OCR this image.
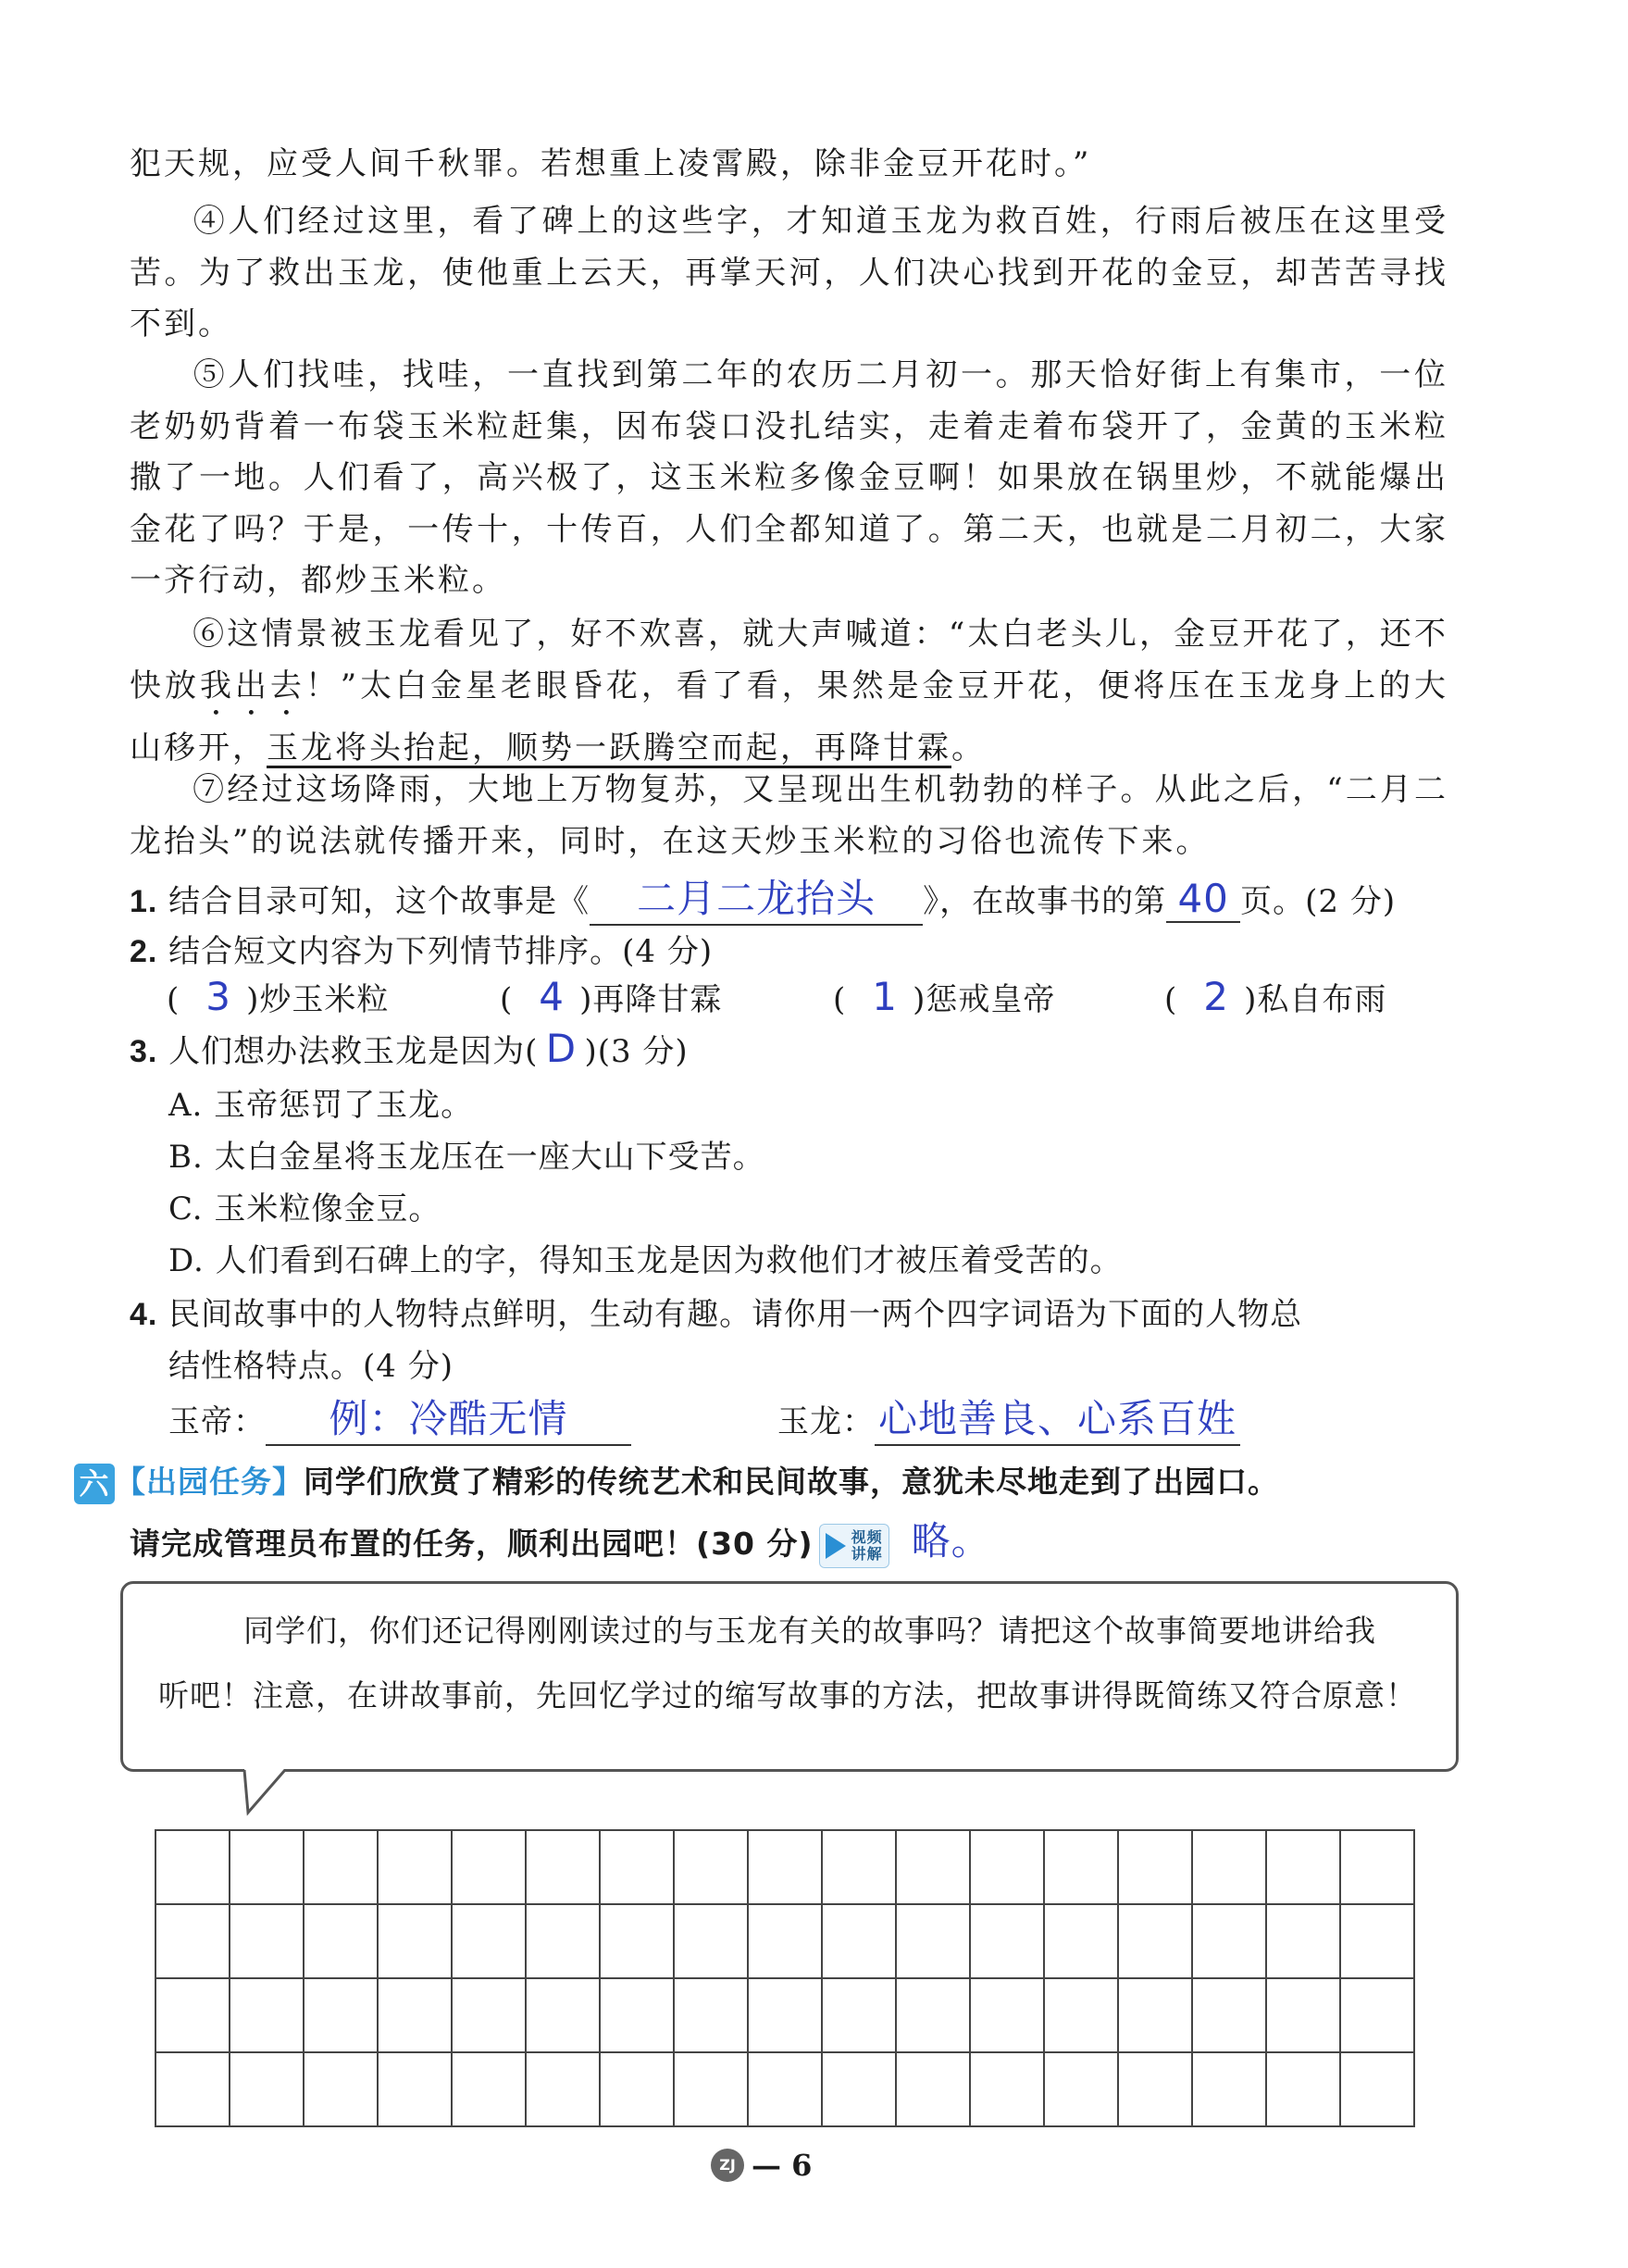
犯天规，应受人间千秋罪。若想重上凌霄殿，除非金豆开花时。”
④人们经过这里，看了碑上的这些字，才知道玉龙为救百姓，行雨后被压在这里受苦。为了救出玉龙，使他重上云天，再掌天河，人们决心找到开花的金豆，却苦苦寻找不到。
⑤人们找哇，找哇，一直找到第二年的农历二月初一。那天恰好街上有集市，一位老奶奶背着一布袋玉米粒赶集，因布袋口没扎结实，走着走着布袋开了，金黄的玉米粒撒了一地。人们看了，高兴极了，这玉米粒多像金豆啊！如果放在锅里炒，不就能爆出金花了吗？于是，一传十，十传百，人们全都知道了。第二天，也就是二月初二，大家一齐行动，都炒玉米粒。
⑥这情景被玉龙看见了，好不欢喜，就大声喊道：“太白老头儿，金豆开花了，还不快放我出去！”太白金星老眼昏花，看了看，果然是金豆开花，便将压在玉龙身上的大山移开，玉龙将头抬起，顺势一跃腾空而起，再降甘霖。
⑦经过这场降雨，大地上万物复苏，又呈现出生机勃勃的样子。从此之后，“二月二龙抬头”的说法就传播开来，同时，在这天炒玉米粒的习俗也流传下来。
1. 结合目录可知，这个故事是《 二月二龙抬头 》，在故事书的第 40 页。(2 分)
2. 结合短文内容为下列情节排序。(4 分)
( 3 )炒玉米粒	( 4 )再降甘霖	( 1 )惩戒皇帝	( 2 )私自布雨
3. 人们想办法救玉龙是因为( D )(3 分)
A. 玉帝惩罚了玉龙。
B. 太白金星将玉龙压在一座大山下受苦。
C. 玉米粒像金豆。
D. 人们看到石碑上的字，得知玉龙是因为救他们才被压着受苦的。
4. 民间故事中的人物特点鲜明，生动有趣。请你用一两个四字词语为下面的人物总
结性格特点。(4 分)
玉帝： 例：冷酷无情	玉龙：心地善良、心系百姓
六 【出园任务】同学们欣赏了精彩的传统艺术和民间故事，意犹未尽地走到了出园口。
请完成管理员布置的任务，顺利出园吧！(30 分)	视频
讲解 略。
同学们，你们还记得刚刚读过的与玉龙有关的故事吗？请把这个故事简要地讲给我
听吧！注意，在讲故事前，先回忆学过的缩写故事的方法，把故事讲得既简练又符合原意！

ZJ — 6
